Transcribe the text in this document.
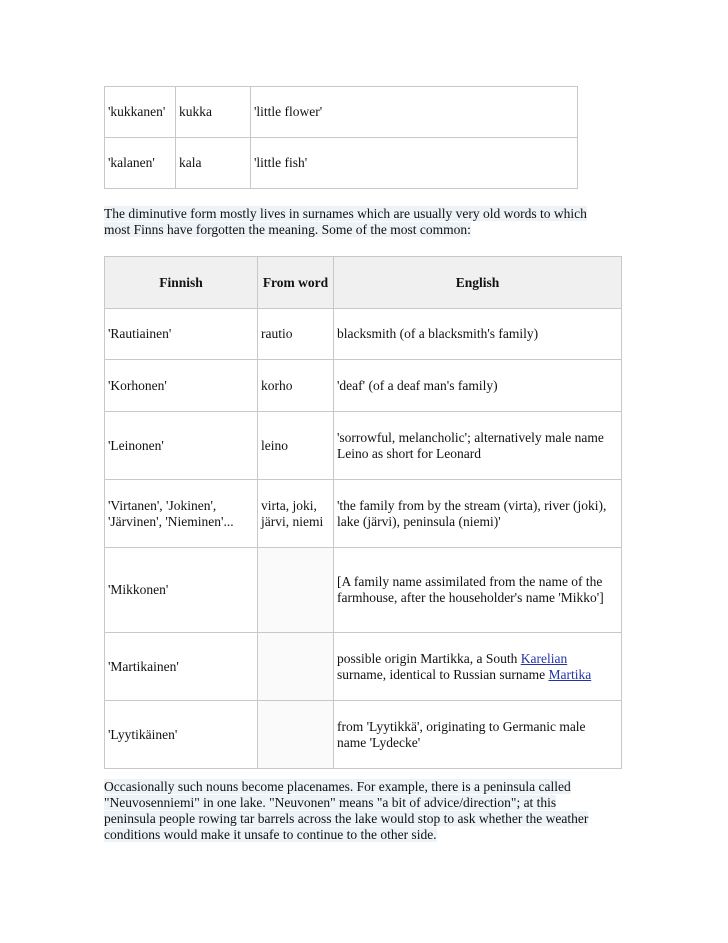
'kukkanen'	kukka	'little flower'
'kalanen'	kala	'little fish'

The diminutive form mostly lives in surnames which are usually very old words to which
most Finns have forgotten the meaning. Some of the most common:

Finnish	From word	English
'Rautiainen'	rautio	blacksmith (of a blacksmith's family)
'Korhonen'	korho	'deaf' (of a deaf man's family)
'Leinonen'	leino	'sorrowful, melancholic'; alternatively male name Leino as short for Leonard
'Virtanen', 'Jokinen', 'Järvinen', 'Nieminen'...	virta, joki, järvi, niemi	'the family from by the stream (virta), river (joki), lake (järvi), peninsula (niemi)'
'Mikkonen'		[A family name assimilated from the name of the farmhouse, after the householder's name 'Mikko']
'Martikainen'		possible origin Martikka, a South Karelian surname, identical to Russian surname Martika
'Lyytikäinen'		from 'Lyytikkä', originating to Germanic male name 'Lydecke'

Occasionally such nouns become placenames. For example, there is a peninsula called
"Neuvosenniemi" in one lake. "Neuvonen" means "a bit of advice/direction"; at this
peninsula people rowing tar barrels across the lake would stop to ask whether the weather
conditions would make it unsafe to continue to the other side.
